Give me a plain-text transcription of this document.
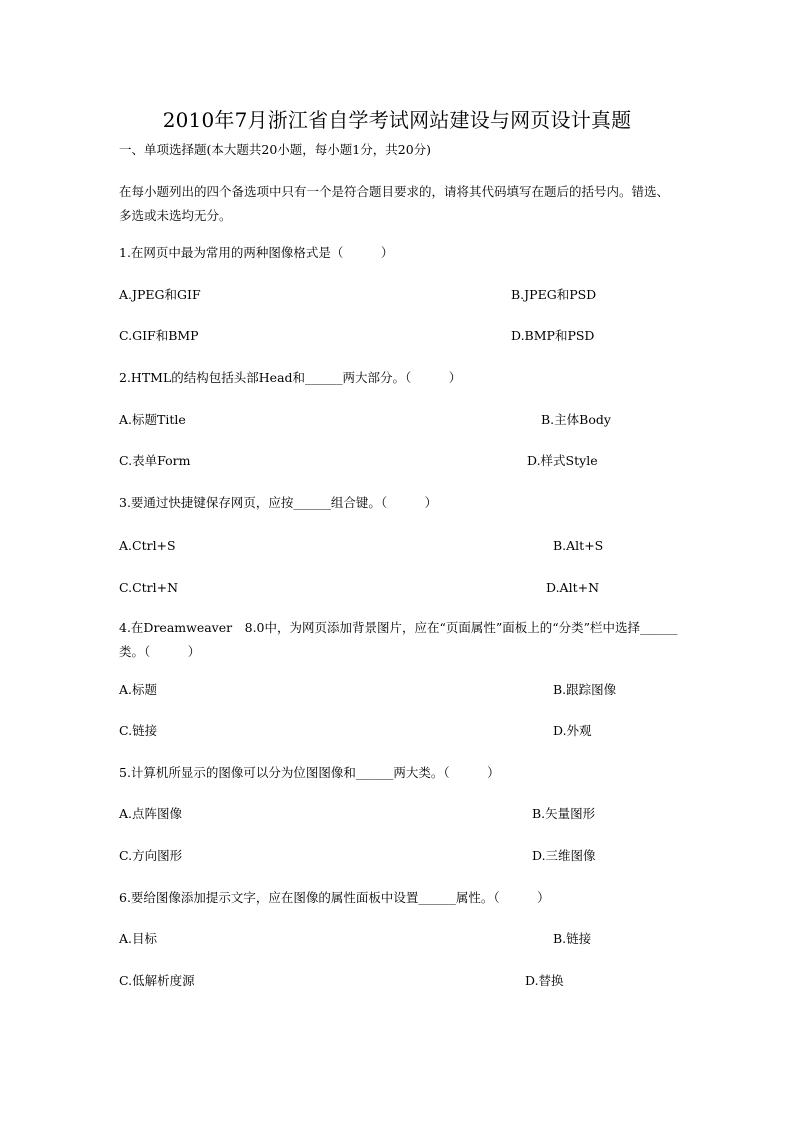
2010年7月浙江省自学考试网站建设与网页设计真题
一、单项选择题(本大题共20小题，每小题1分，共20分)
在每小题列出的四个备选项中只有一个是符合题目要求的，请将其代码填写在题后的括号内。错选、多选或未选均无分。
1.在网页中最为常用的两种图像格式是（　　　）
A.JPEG和GIF	B.JPEG和PSD
C.GIF和BMP	D.BMP和PSD
2.HTML的结构包括头部Head和______两大部分。（　　　）
A.标题Title	B.主体Body
C.表单Form	D.样式Style
3.要通过快捷键保存网页，应按______组合键。（　　　）
A.Ctrl+S	B.Alt+S
C.Ctrl+N	D.Alt+N
4.在Dreamweaver　8.0中，为网页添加背景图片，应在“页面属性”面板上的“分类”栏中选择______类。（　　　）
A.标题	B.跟踪图像
C.链接	D.外观
5.计算机所显示的图像可以分为位图图像和______两大类。（　　　）
A.点阵图像	B.矢量图形
C.方向图形	D.三维图像
6.要给图像添加提示文字，应在图像的属性面板中设置______属性。（　　　）
A.目标	B.链接
C.低解析度源	D.替换
